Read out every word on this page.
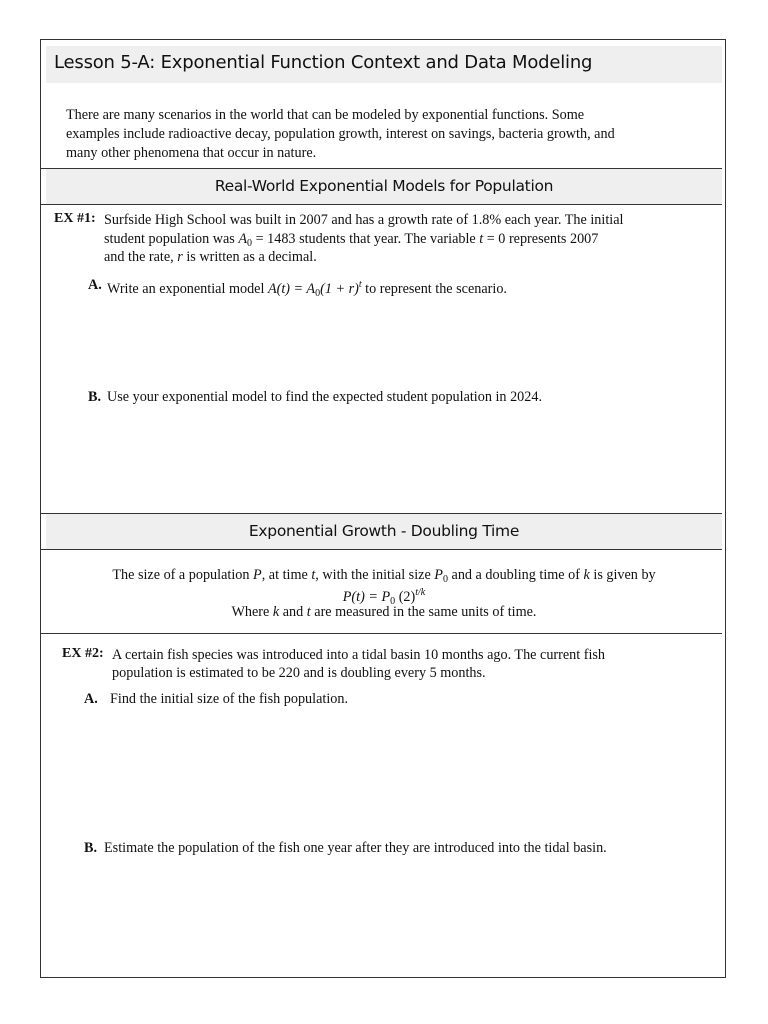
Lesson 5-A: Exponential Function Context and Data Modeling
There are many scenarios in the world that can be modeled by exponential functions. Some
examples include radioactive decay, population growth, interest on savings, bacteria growth, and
many other phenomena that occur in nature.
Real-World Exponential Models for Population
EX #1: Surfside High School was built in 2007 and has a growth rate of 1.8% each year. The initial
student population was $A_0 = 1483$ students that year. The variable t = 0 represents 2007
and the rate, r is written as a decimal.
A. Write an exponential model $A(t) = A_0(1 + r)^t$ to represent the scenario.
B. Use your exponential model to find the expected student population in 2024.
Exponential Growth - Doubling Time
The size of a population P, at time t, with the initial size $P_0$ and a doubling time of k is given by
$P(t) = P_0$ $(2)^{t/k}$
Where k and t are measured in the same units of time.
EX #2: A certain fish species was introduced into a tidal basin 10 months ago. The current fish
population is estimated to be 220 and is doubling every 5 months.
A. Find the initial size of the fish population.
B. Estimate the population of the fish one year after they are introduced into the tidal basin.
